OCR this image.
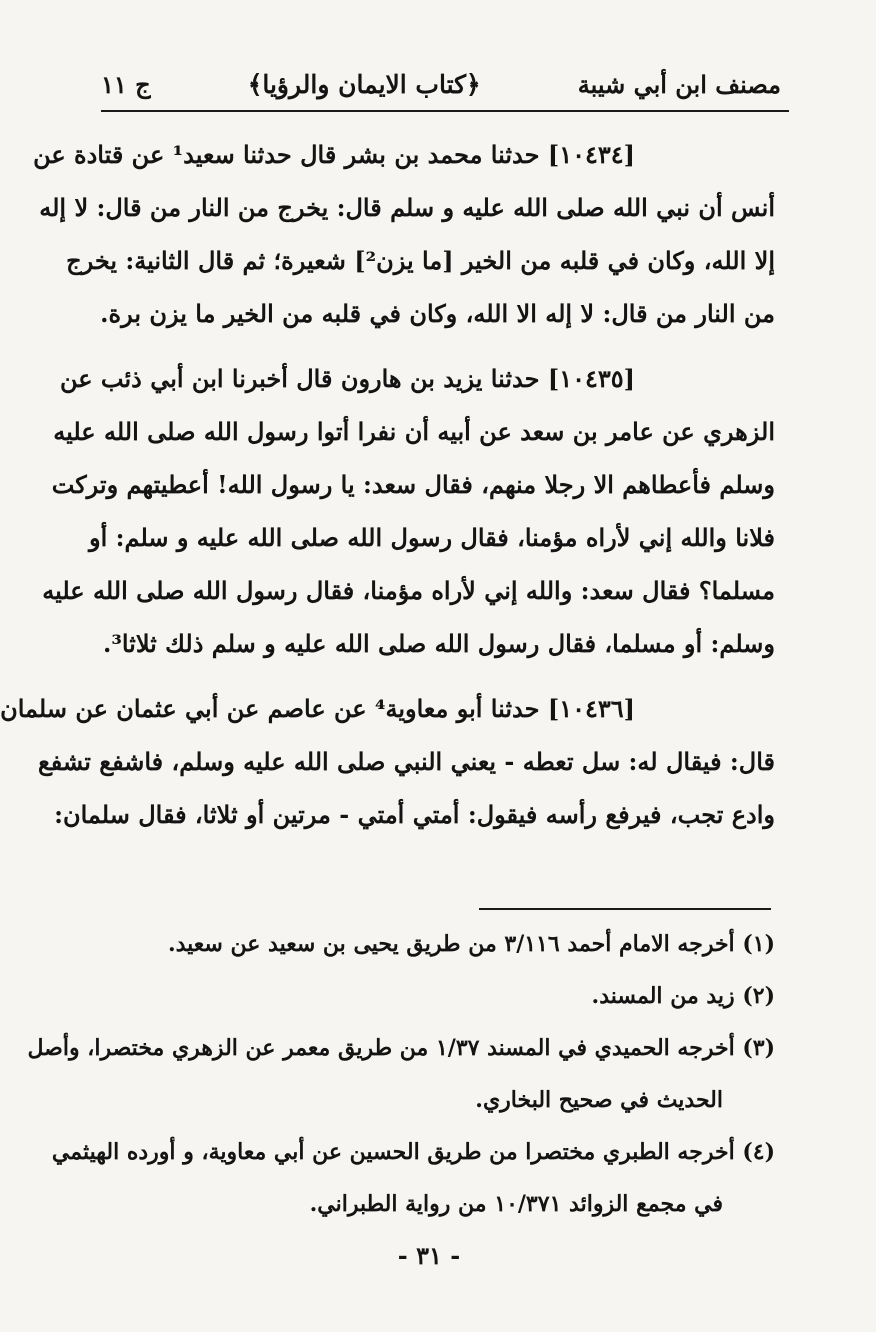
مصنف ابن أبي شيبة
﴿كتاب الايمان والرؤيا﴾
ج ١١
[١٠٤٣٤] حدثنا محمد بن بشر قال حدثنا سعيد¹ عن قتادة عن
أنس أن نبي الله صلى الله عليه و سلم قال: يخرج من النار من قال: لا إله
إلا الله، وكان في قلبه من الخير [ما يزن²] شعيرة؛ ثم قال الثانية: يخرج
من النار من قال: لا إله الا الله، وكان في قلبه من الخير ما يزن برة.
[١٠٤٣٥] حدثنا يزيد بن هارون قال أخبرنا ابن أبي ذئب عن
الزهري عن عامر بن سعد عن أبيه أن نفرا أتوا رسول الله صلى الله عليه
وسلم فأعطاهم الا رجلا منهم، فقال سعد: يا رسول الله! أعطيتهم وتركت
فلانا والله إني لأراه مؤمنا، فقال رسول الله صلى الله عليه و سلم: أو
مسلما؟ فقال سعد: والله إني لأراه مؤمنا، فقال رسول الله صلى الله عليه
وسلم: أو مسلما، فقال رسول الله صلى الله عليه و سلم ذلك ثلاثا³.
[١٠٤٣٦] حدثنا أبو معاوية⁴ عن عاصم عن أبي عثمان عن سلمان
قال: فيقال له: سل تعطه - يعني النبي صلى الله عليه وسلم، فاشفع تشفع
وادع تجب، فيرفع رأسه فيقول: أمتي أمتي - مرتين أو ثلاثا، فقال سلمان:
(١) أخرجه الامام أحمد ٣/١١٦ من طريق يحيى بن سعيد عن سعيد.
(٢) زيد من المسند.
(٣) أخرجه الحميدي في المسند ١/٣٧ من طريق معمر عن الزهري مختصرا، وأصل
الحديث في صحيح البخاري.
(٤) أخرجه الطبري مختصرا من طريق الحسين عن أبي معاوية، و أورده الهيثمي
في مجمع الزوائد ١٠/٣٧١ من رواية الطبراني.
- ٣١ -
